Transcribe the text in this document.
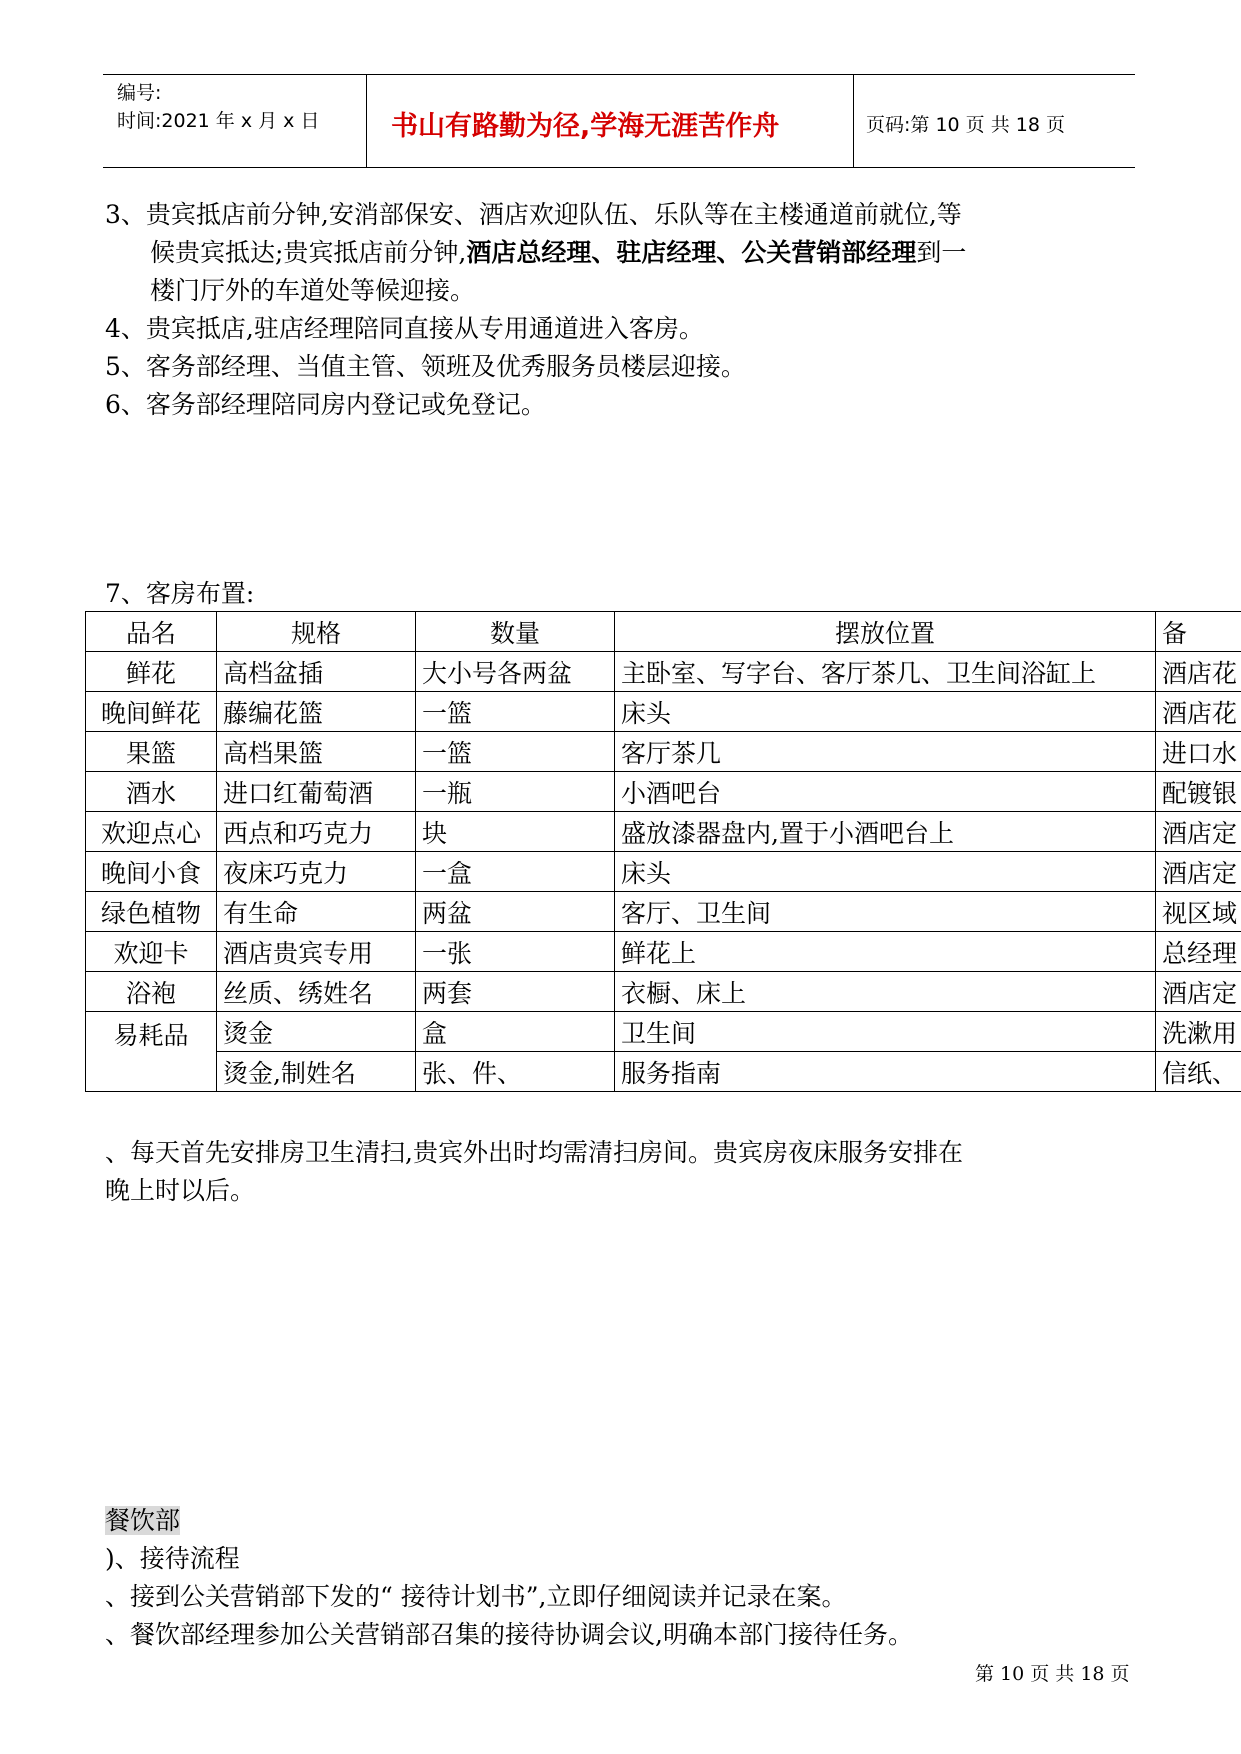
编号:
时间:2021 年 x 月 x 日	书山有路勤为径,学海无涯苦作舟	页码:第 10 页 共 18 页
3、贵宾抵店前分钟,安消部保安、酒店欢迎队伍、乐队等在主楼通道前就位,等
候贵宾抵达;贵宾抵店前分钟,酒店总经理、驻店经理、公关营销部经理到一
楼门厅外的车道处等候迎接。
4、贵宾抵店,驻店经理陪同直接从专用通道进入客房。
5、客务部经理、当值主管、领班及优秀服务员楼层迎接。
6、客务部经理陪同房内登记或免登记。
7、客房布置:
品名	规格	数量	摆放位置	备
鲜花	高档盆插	大小号各两盆	主卧室、写字台、客厅茶几、卫生间浴缸上	酒店花
晚间鲜花	藤编花篮	一篮	床头	酒店花
果篮	高档果篮	一篮	客厅茶几	进口水
酒水	进口红葡萄酒	一瓶	小酒吧台	配镀银
欢迎点心	西点和巧克力	块	盛放漆器盘内,置于小酒吧台上	酒店定
晚间小食	夜床巧克力	一盒	床头	酒店定
绿色植物	有生命	两盆	客厅、卫生间	视区域
欢迎卡	酒店贵宾专用	一张	鲜花上	总经理
浴袍	丝质、绣姓名	两套	衣橱、床上	酒店定
易耗品	烫金	盒	卫生间	洗漱用
	烫金,制姓名	张、件、	服务指南	信纸、
、每天首先安排房卫生清扫,贵宾外出时均需清扫房间。贵宾房夜床服务安排在
晚上时以后。
餐饮部
)、接待流程
、接到公关营销部下发的“ 接待计划书”,立即仔细阅读并记录在案。
、餐饮部经理参加公关营销部召集的接待协调会议,明确本部门接待任务。
第 10 页 共 18 页
